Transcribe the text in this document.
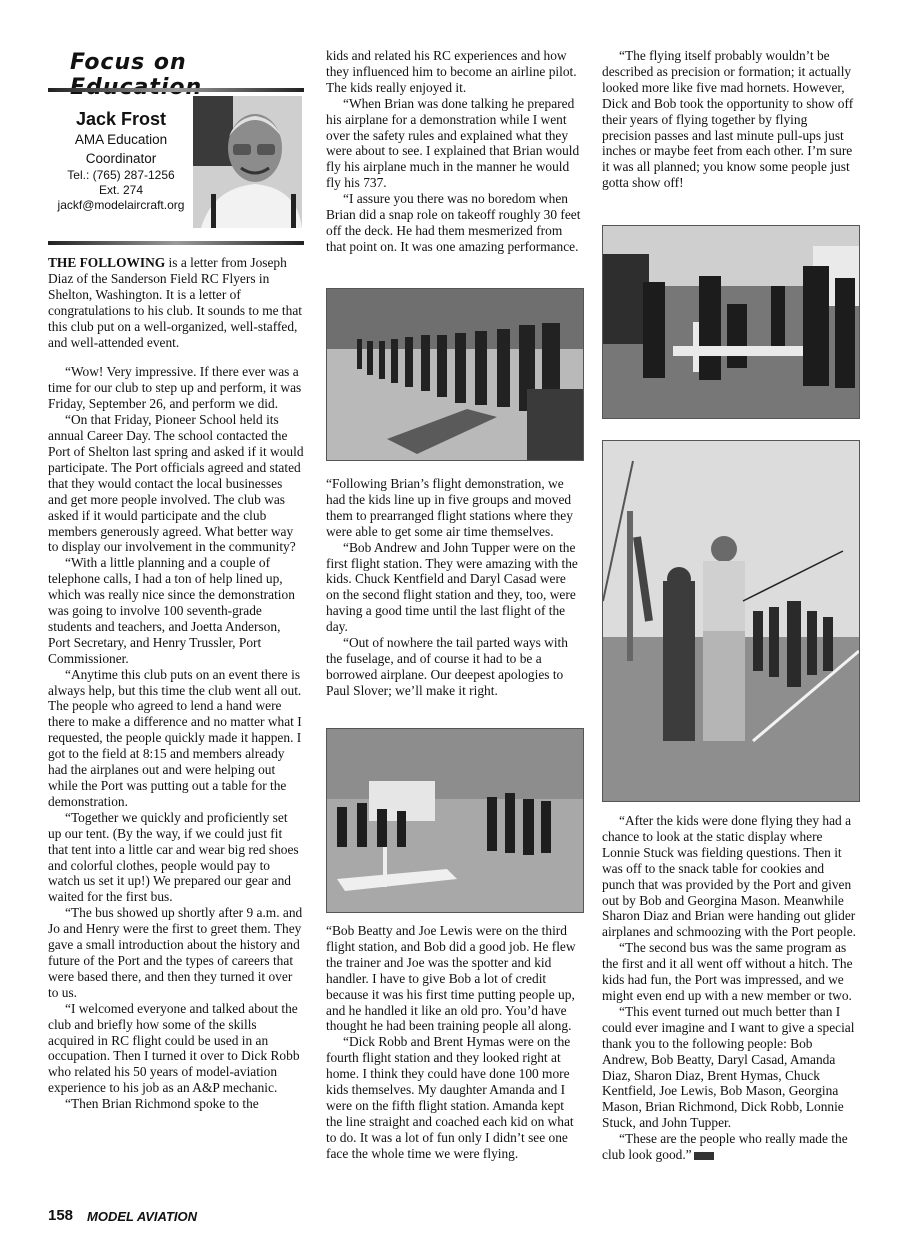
Focus on
Jack Frost
AMA Education
Coordinator
Tel.: (765) 287-1256
Ext. 274
jackf@modelaircraft.org

THE FOLLOWING is a letter from Joseph Diaz of the Sanderson Field RC Flyers in Shelton, Washington. It is a letter of congratulations to his club. It sounds to me that this club put on a well-organized, well-staffed, and well-attended event.

“Wow! Very impressive. If there ever was a time for our club to step up and perform, it was Friday, September 26, and perform we did.

“On that Friday, Pioneer School held its annual Career Day. The school contacted the Port of Shelton last spring and asked if it would participate. The Port officials agreed and stated that they would contact the local businesses and get more people involved. The club was asked if it would participate and the club members generously agreed. What better way to display our involvement in the community?

“With a little planning and a couple of telephone calls, I had a ton of help lined up, which was really nice since the demonstration was going to involve 100 seventh-grade students and teachers, and Joetta Anderson, Port Secretary, and Henry Trussler, Port Commissioner.

“Anytime this club puts on an event there is always help, but this time the club went all out. The people who agreed to lend a hand were there to make a difference and no matter what I requested, the people quickly made it happen. I got to the field at 8:15 and members already had the airplanes out and were helping out while the Port was putting out a table for the demonstration.

“Together we quickly and proficiently set up our tent. (By the way, if we could just fit that tent into a little car and wear big red shoes and colorful clothes, people would pay to watch us set it up!) We prepared our gear and waited for the first bus.

“The bus showed up shortly after 9 a.m. and Jo and Henry were the first to greet them. They gave a small introduction about the history and future of the Port and the types of careers that were based there, and then they turned it over to us.

“I welcomed everyone and talked about the club and briefly how some of the skills acquired in RC flight could be used in an occupation. Then I turned it over to Dick Robb who related his 50 years of model-aviation experience to his job as an A&P mechanic.

“Then Brian Richmond spoke to the

kids and related his RC experiences and how they influenced him to become an airline pilot. The kids really enjoyed it.

“When Brian was done talking he prepared his airplane for a demonstration while I went over the safety rules and explained what they were about to see. I explained that Brian would fly his airplane much in the manner he would fly his 737.

“I assure you there was no boredom when Brian did a snap role on takeoff roughly 30 feet off the deck. He had them mesmerized from that point on. It was one amazing performance.

“Following Brian’s flight demonstration, we had the kids line up in five groups and moved them to prearranged flight stations where they were able to get some air time themselves.

“Bob Andrew and John Tupper were on the first flight station. They were amazing with the kids. Chuck Kentfield and Daryl Casad were on the second flight station and they, too, were having a good time until the last flight of the day.

“Out of nowhere the tail parted ways with the fuselage, and of course it had to be a borrowed airplane. Our deepest apologies to Paul Slover; we’ll make it right.

“Bob Beatty and Joe Lewis were on the third flight station, and Bob did a good job. He flew the trainer and Joe was the spotter and kid handler. I have to give Bob a lot of credit because it was his first time putting people up, and he handled it like an old pro. You’d have thought he had been training people all along.

“Dick Robb and Brent Hymas were on the fourth flight station and they looked right at home. I think they could have done 100 more kids themselves. My daughter Amanda and I were on the fifth flight station. Amanda kept the line straight and coached each kid on what to do. It was a lot of fun only I didn’t see one face the whole time we were flying.

“The flying itself probably wouldn’t be described as precision or formation; it actually looked more like five mad hornets. However, Dick and Bob took the opportunity to show off their years of flying together by flying precision passes and last minute pull-ups just inches or maybe feet from each other. I’m sure it was all planned; you know some people just gotta show off!

“After the kids were done flying they had a chance to look at the static display where Lonnie Stuck was fielding questions. Then it was off to the snack table for cookies and punch that was provided by the Port and given out by Bob and Georgina Mason. Meanwhile Sharon Diaz and Brian were handing out glider airplanes and schmoozing with the Port people.

“The second bus was the same program as the first and it all went off without a hitch. The kids had fun, the Port was impressed, and we might even end up with a new member or two.

“This event turned out much better than I could ever imagine and I want to give a special thank you to the following people: Bob Andrew, Bob Beatty, Daryl Casad, Amanda Diaz, Sharon Diaz, Brent Hymas, Chuck Kentfield, Joe Lewis, Bob Mason, Georgina Mason, Brian Richmond, Dick Robb, Lonnie Stuck, and John Tupper.

“These are the people who really made the club look good.”

158 MODEL AVIATION
